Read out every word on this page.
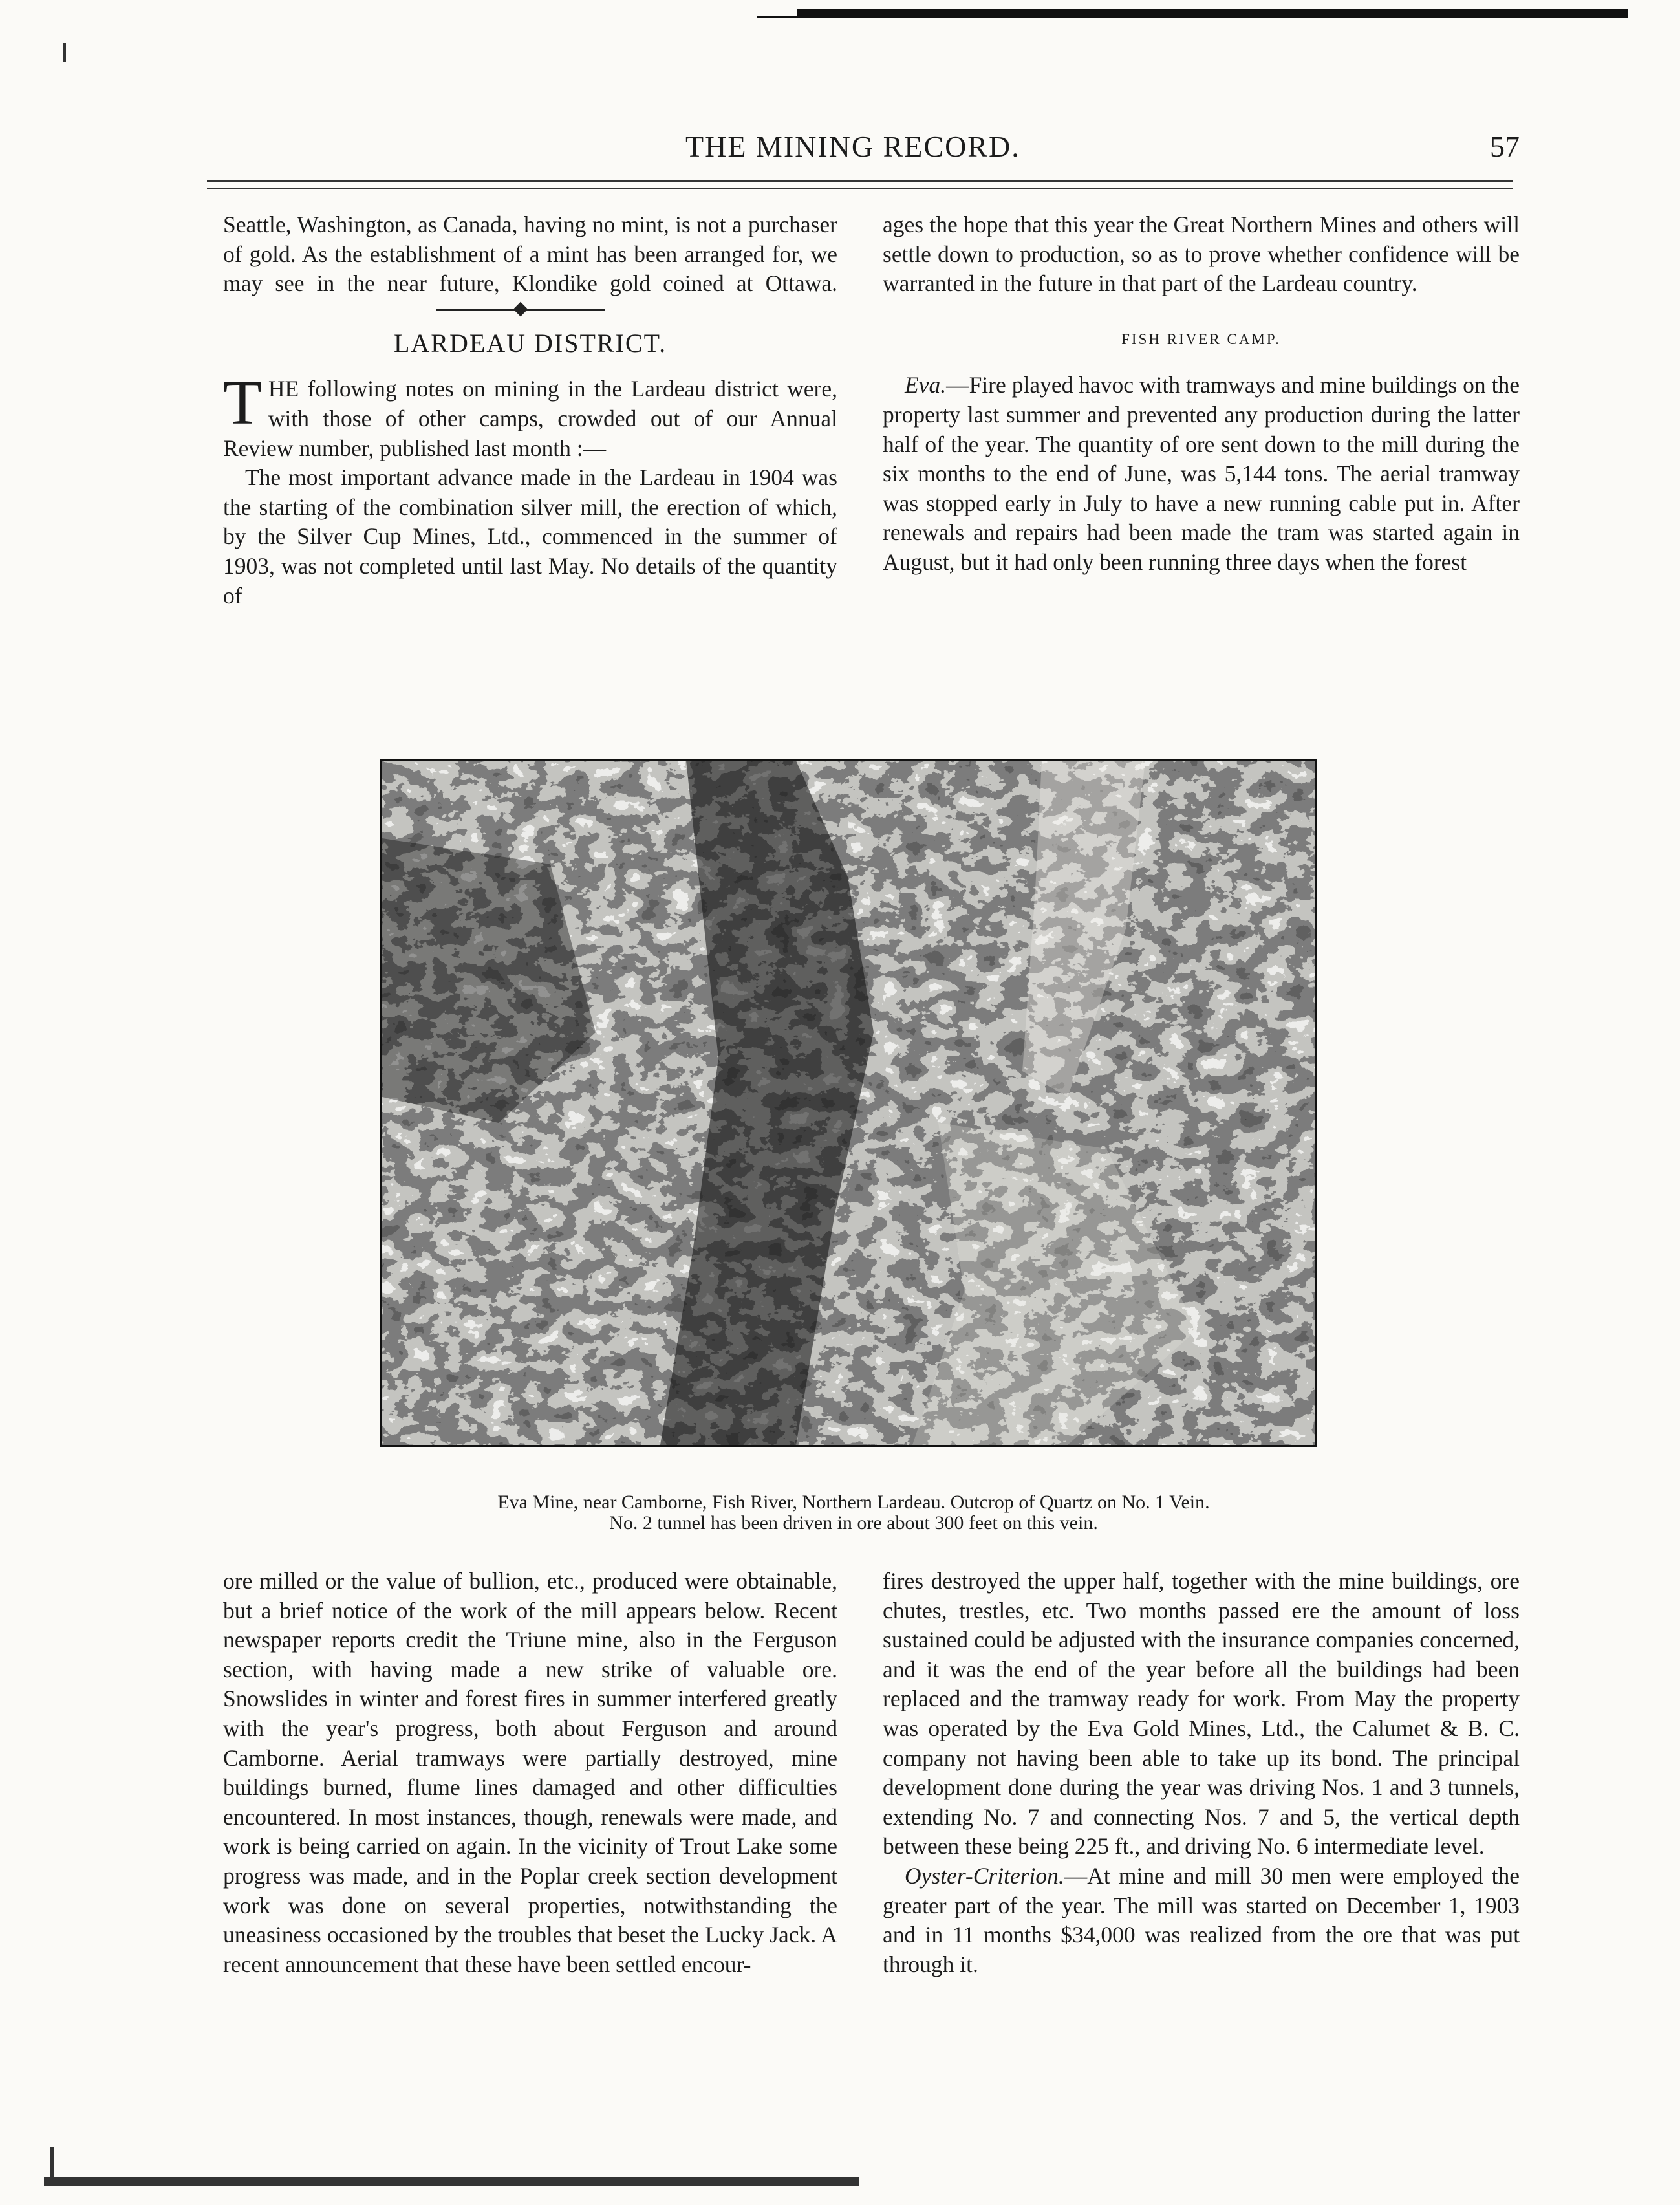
THE MINING RECORD.	57

Seattle, Washington, as Canada, having no mint, is not a purchaser of gold. As the establishment of a mint has been arranged for, we may see in the near future, Klondike gold coined at Ottawa.

LARDEAU DISTRICT.

THE following notes on mining in the Lardeau district were, with those of other camps, crowded out of our Annual Review number, published last month :—

The most important advance made in the Lardeau in 1904 was the starting of the combination silver mill, the erection of which, by the Silver Cup Mines, Ltd., commenced in the summer of 1903, was not completed until last May. No details of the quantity of

ages the hope that this year the Great Northern Mines and others will settle down to production, so as to prove whether confidence will be warranted in the future in that part of the Lardeau country.

FISH RIVER CAMP.

Eva.—Fire played havoc with tramways and mine buildings on the property last summer and prevented any production during the latter half of the year. The quantity of ore sent down to the mill during the six months to the end of June, was 5,144 tons. The aerial tramway was stopped early in July to have a new running cable put in. After renewals and repairs had been made the tram was started again in August, but it had only been running three days when the forest

Eva Mine, near Camborne, Fish River, Northern Lardeau. Outcrop of Quartz on No. 1 Vein.
No. 2 tunnel has been driven in ore about 300 feet on this vein.

ore milled or the value of bullion, etc., produced were obtainable, but a brief notice of the work of the mill appears below. Recent newspaper reports credit the Triune mine, also in the Ferguson section, with having made a new strike of valuable ore. Snowslides in winter and forest fires in summer interfered greatly with the year's progress, both about Ferguson and around Camborne. Aerial tramways were partially destroyed, mine buildings burned, flume lines damaged and other difficulties encountered. In most instances, though, renewals were made, and work is being carried on again. In the vicinity of Trout Lake some progress was made, and in the Poplar creek section development work was done on several properties, notwithstanding the uneasiness occasioned by the troubles that beset the Lucky Jack. A recent announcement that these have been settled encour-

fires destroyed the upper half, together with the mine buildings, ore chutes, trestles, etc. Two months passed ere the amount of loss sustained could be adjusted with the insurance companies concerned, and it was the end of the year before all the buildings had been replaced and the tramway ready for work. From May the property was operated by the Eva Gold Mines, Ltd., the Calumet & B. C. company not having been able to take up its bond. The principal development done during the year was driving Nos. 1 and 3 tunnels, extending No. 7 and connecting Nos. 7 and 5, the vertical depth between these being 225 ft., and driving No. 6 intermediate level.

Oyster-Criterion.—At mine and mill 30 men were employed the greater part of the year. The mill was started on December 1, 1903 and in 11 months $34,000 was realized from the ore that was put through it.
